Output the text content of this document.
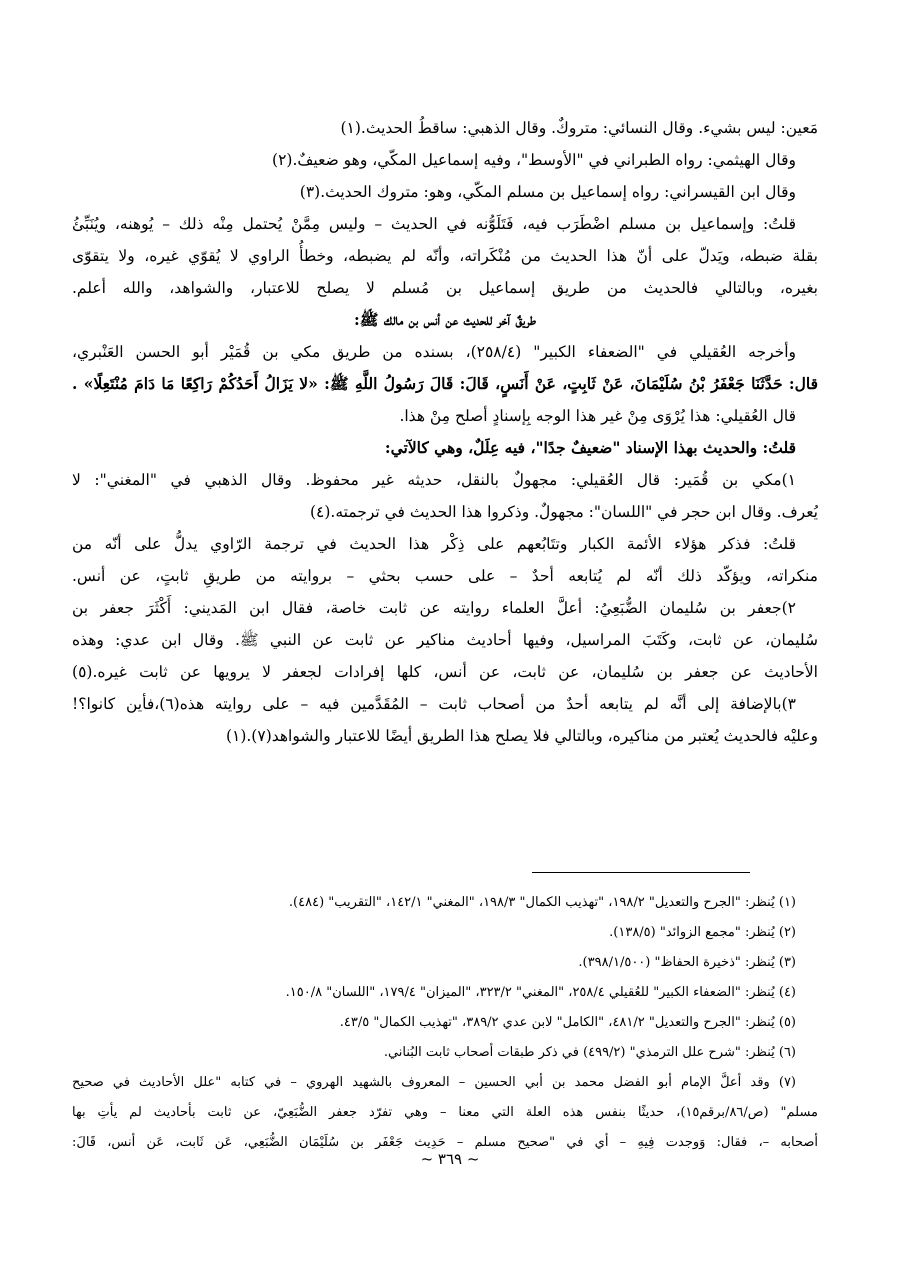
مَعين: ليس بشيء. وقال النسائي: متروكٌ. وقال الذهبي: ساقطُ الحديث.(١)
وقال الهيثمي: رواه الطبراني في "الأوسط"، وفيه إسماعيل المكّي، وهو ضعيفٌ.(٢)
وقال ابن القيسراني: رواه إسماعيل بن مسلم المكّي، وهو: متروك الحديث.(٣)
قلتُ: وإسماعيل بن مسلم اضْطَرَب فيه، فَتَلَوُّنه في الحديث – وليس مِمَّنْ يُحتمل مِنْه ذلك – يُوهنه، ويُنَبِّئُ
بقلة ضبطه، ويَدلّ على أنّ هذا الحديث من مُنْكَراته، وأنّه لم يضبطه، وخطأُ الراوي لا يُقوّي غيره، ولا يتقوّى
بغيره، وبالتالي فالحديث من طريق إسماعيل بن مُسلم لا يصلح للاعتبار، والشواهد، والله أعلم.
طريقٌ آخر للحديث عن أنس بن مالك ﷺ:
وأخرجه العُقيلي في "الضعفاء الكبير" (٢٥٨/٤)، بسنده من طريق مكي بن قُمَيْر أبو الحسن العَنْبري،
قال: حَدَّثَنَا جَعْفَرُ بْنُ سُلَيْمَانَ، عَنْ ثَابِتٍ، عَنْ أَنَسٍ، قَالَ: قَالَ رَسُولُ اللَّهِ ﷺ: «لا يَزَالُ أَحَدُكُمْ رَاكِعًا مَا دَامَ مُنْتَعِلًا» .
قال العُقيلي: هذا يُرْوَى مِنْ غير هذا الوجه بِإسنادٍ أصلح مِنْ هذا.
قلتُ: والحديث بهذا الإسناد "ضعيفٌ جدًا"، فيه عِلَلٌ، وهي كالآتي:
١)مكي بن قُمَير: قال العُقيلي: مجهولٌ بالنقل، حديثه غير محفوظ. وقال الذهبي في "المغني": لا
يُعرف. وقال ابن حجر في "اللسان": مجهولٌ. وذكروا هذا الحديث في ترجمته.(٤)
قلتُ: فذكر هؤلاء الأئمة الكبار وتتَابُعهم على ذِكْر هذا الحديث في ترجمة الرّاوي يدلُّ على أنّه من
منكراته، ويؤكّد ذلك أنّه لم يُتابعه أحدٌ – على حسب بحثي – بروايته من طريقِ ثابتٍ، عن أنس.
٢)جعفر بن سُليمان الضُّبَعِيُ: أعلَّ العلماء روايته عن ثابت خاصة، فقال ابن المَديني: أَكْثَرَ جعفر بن
سُليمان، عن ثابت، وكَتَبَ المراسيل، وفيها أحاديث مناكير عن ثابت عن النبي ﷺ. وقال ابن عدي: وهذه
الأحاديث عن جعفر بن سُليمان، عن ثابت، عن أنس، كلها إفرادات لجعفر لا يرويها عن ثابت غيره.(٥)
٣)بالإضافة إلى أنَّه لم يتابعه أحدٌ من أصحاب ثابت – المُقَدَّمين فيه – على روايته هذه(٦)،فأين كانوا؟!
وعليْه فالحديث يُعتبر من مناكيره، وبالتالي فلا يصلح هذا الطريق أيضًا للاعتبار والشواهد(٧).(١)
(١) يُنظر: "الجرح والتعديل" ١٩٨/٢، "تهذيب الكمال" ١٩٨/٣، "المغني" ١٤٢/١، "التقريب" (٤٨٤).
(٢) يُنظر: "مجمع الزوائد" (١٣٨/٥).
(٣) يُنظر: "ذخيرة الحفاظ" (٣٩٨/١/٥٠٠).
(٤) يُنظر: "الضعفاء الكبير" للعُقيلي ٢٥٨/٤، "المغني" ٣٢٣/٢، "الميزان" ١٧٩/٤، "اللسان" ١٥٠/٨.
(٥) يُنظر: "الجرح والتعديل" ٤٨١/٢، "الكامل" لابن عدي ٣٨٩/٢، "تهذيب الكمال" ٤٣/٥.
(٦) يُنظر: "شرح علل الترمذي" (٤٩٩/٢) في ذكر طبقات أصحاب ثابت البُناني.
(٧) وقد أعلَّ الإمام أبو الفضل محمد بن أبي الحسين – المعروف بالشهيد الهروي – في كتابه "علل الأحاديث في صحيح
مسلم" (ص/٨٦/برقم١٥)، حديثًا بنفس هذه العلة التي معنا – وهي تفرّد جعفر الضُّبَعِيّ، عن ثابت بأحاديث لم يأتِ بها
أصحابه –، فقال: وَوجدت فِيهِ – أي في "صحيح مسلم – حَدِيث جَعْفَر بن سُلَيْمَان الضُّبَعِي، عَن ثَابت، عَن أنس، قَالَ:
~ ٣٦٩ ~
